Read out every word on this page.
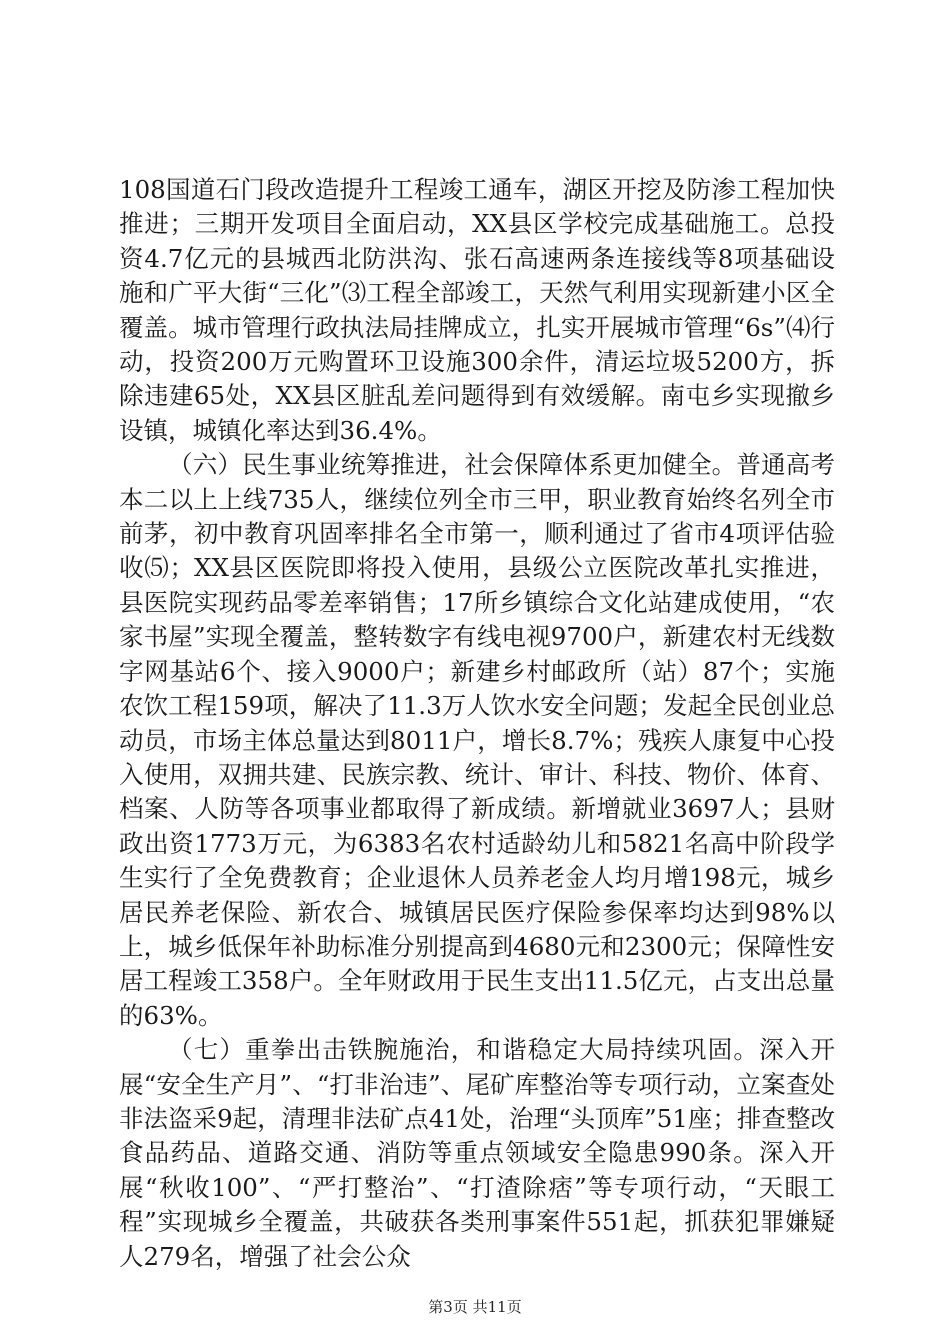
108国道石门段改造提升工程竣工通车，湖区开挖及防渗工程加快推进；三期开发项目全面启动，XX县区学校完成基础施工。总投资4.7亿元的县城西北防洪沟、张石高速两条连接线等8项基础设施和广平大街“三化”⑶工程全部竣工，天然气利用实现新建小区全覆盖。城市管理行政执法局挂牌成立，扎实开展城市管理“6s”⑷行动，投资200万元购置环卫设施300余件，清运垃圾5200方，拆除违建65处，XX县区脏乱差问题得到有效缓解。南屯乡实现撤乡设镇，城镇化率达到36.4%。

（六）民生事业统筹推进，社会保障体系更加健全。普通高考本二以上上线735人，继续位列全市三甲，职业教育始终名列全市前茅，初中教育巩固率排名全市第一，顺利通过了省市4项评估验收⑸；XX县区医院即将投入使用，县级公立医院改革扎实推进，县医院实现药品零差率销售；17所乡镇综合文化站建成使用，“农家书屋”实现全覆盖，整转数字有线电视9700户，新建农村无线数字网基站6个、接入9000户；新建乡村邮政所（站）87个；实施农饮工程159项，解决了11.3万人饮水安全问题；发起全民创业总动员，市场主体总量达到8011户，增长8.7%；残疾人康复中心投入使用，双拥共建、民族宗教、统计、审计、科技、物价、体育、档案、人防等各项事业都取得了新成绩。新增就业3697人；县财政出资1773万元，为6383名农村适龄幼儿和5821名高中阶段学生实行了全免费教育；企业退休人员养老金人均月增198元，城乡居民养老保险、新农合、城镇居民医疗保险参保率均达到98%以上，城乡低保年补助标准分别提高到4680元和2300元；保障性安居工程竣工358户。全年财政用于民生支出11.5亿元，占支出总量的63%。

（七）重拳出击铁腕施治，和谐稳定大局持续巩固。深入开展“安全生产月”、“打非治违”、尾矿库整治等专项行动，立案查处非法盗采9起，清理非法矿点41处，治理“头顶库”51座；排查整改食品药品、道路交通、消防等重点领域安全隐患990条。深入开展“秋收100”、“严打整治”、“打渣除痞”等专项行动，“天眼工程”实现城乡全覆盖，共破获各类刑事案件551起，抓获犯罪嫌疑人279名，增强了社会公众

第3页 共11页
